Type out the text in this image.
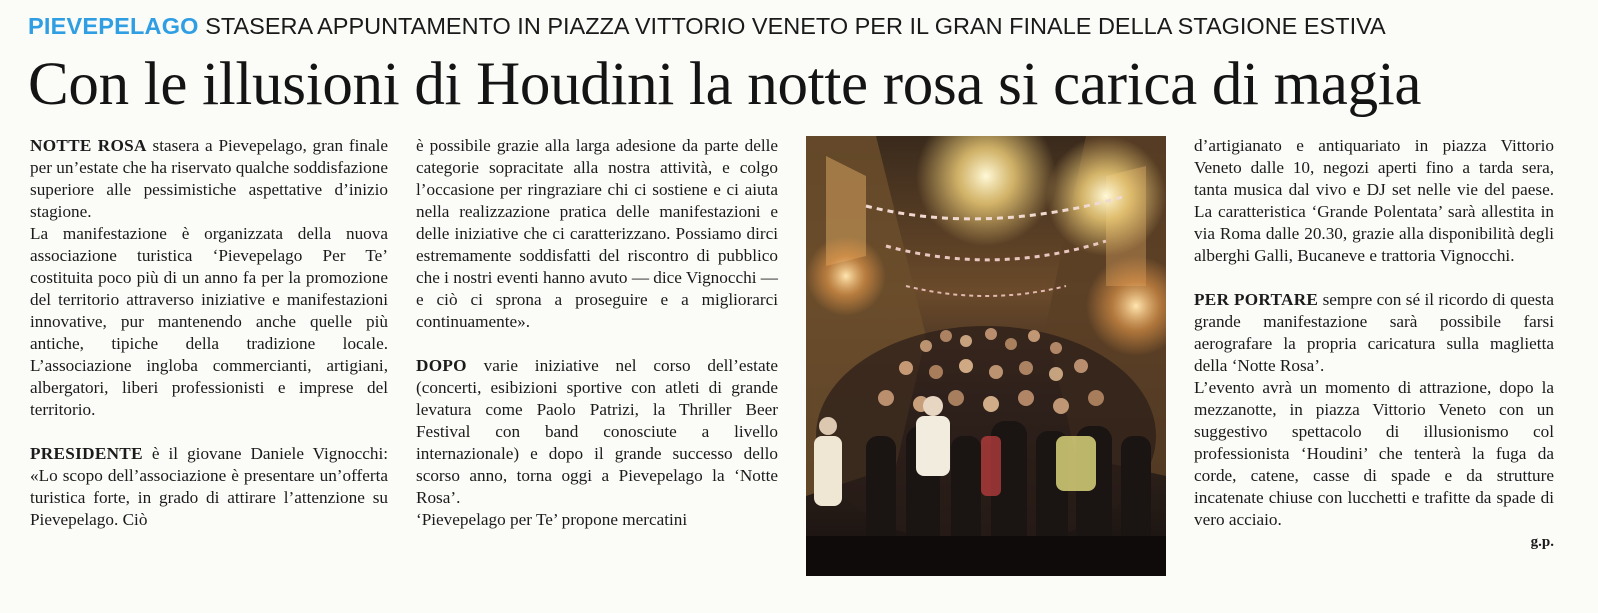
PIEVEPELAGO STASERA APPUNTAMENTO IN PIAZZA VITTORIO VENETO PER IL GRAN FINALE DELLA STAGIONE ESTIVA
Con le illusioni di Houdini la notte rosa si carica di magia

NOTTE ROSA stasera a Pievepelago, gran finale per un’estate che ha riservato qualche soddisfazione superiore alle pessimistiche aspettative d’inizio stagione.

La manifestazione è organizzata della nuova associazione turistica ‘Pievepelago Per Te’ costituita poco più di un anno fa per la promozione del territorio attraverso iniziative e manifestazioni innovative, pur mantenendo anche quelle più antiche, tipiche della tradizione locale. L’associazione ingloba commercianti, artigiani, albergatori, liberi professionisti e imprese del territorio.

PRESIDENTE è il giovane Daniele Vignocchi: «Lo scopo dell’associazione è presentare un’offerta turistica forte, in grado di attirare l’attenzione su Pievepelago. Ciò

è possibile grazie alla larga adesione da parte delle categorie sopracitate alla nostra attività, e colgo l’occasione per ringraziare chi ci sostiene e ci aiuta nella realizzazione pratica delle manifestazioni e delle iniziative che ci caratterizzano. Possiamo dirci estremamente soddisfatti del riscontro di pubblico che i nostri eventi hanno avuto — dice Vignocchi — e ciò ci sprona a proseguire e a migliorarci continuamente».

DOPO varie iniziative nel corso dell’estate (concerti, esibizioni sportive con atleti di grande levatura come Paolo Patrizi, la Thriller Beer Festival con band conosciute a livello internazionale) e dopo il grande successo dello scorso anno, torna oggi a Pievepelago la ‘Notte Rosa’.

‘Pievepelago per Te’ propone mercatini

d’artigianato e antiquariato in piazza Vittorio Veneto dalle 10, negozi aperti fino a tarda sera, tanta musica dal vivo e DJ set nelle vie del paese. La caratteristica ‘Grande Polentata’ sarà allestita in via Roma dalle 20.30, grazie alla disponibilità degli alberghi Galli, Bucaneve e trattoria Vignocchi.

PER PORTARE sempre con sé il ricordo di questa grande manifestazione sarà possibile farsi aerografare la propria caricatura sulla maglietta della ‘Notte Rosa’.

L’evento avrà un momento di attrazione, dopo la mezzanotte, in piazza Vittorio Veneto con un suggestivo spettacolo di illusionismo col professionista ‘Houdini’ che tenterà la fuga da corde, catene, casse di spade e da strutture incatenate chiuse con lucchetti e trafitte da spade di vero acciaio.

g.p.
